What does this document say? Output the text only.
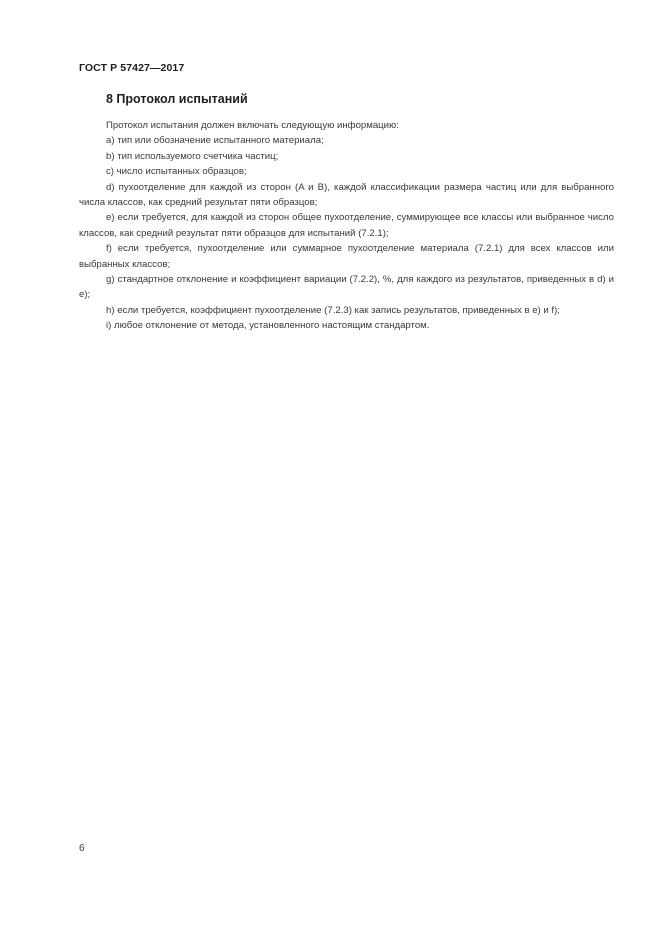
ГОСТ Р 57427—2017
8 Протокол испытаний

Протокол испытания должен включать следующую информацию:

a) тип или обозначение испытанного материала;

b) тип используемого счетчика частиц;

c) число испытанных образцов;

d) пухоотделение для каждой из сторон (A и B), каждой классификации размера частиц или для выбранного числа классов, как средний результат пяти образцов;

e) если требуется, для каждой из сторон общее пухоотделение, суммирующее все классы или выбранное число классов, как средний результат пяти образцов для испытаний (7.2.1);

f) если требуется, пухоотделение или суммарное пухоотделение материала (7.2.1) для всех классов или выбранных классов;

g) стандартное отклонение и коэффициент вариации (7.2.2), %, для каждого из результатов, приведенных в d) и e);

h) если требуется, коэффициент пухоотделение (7.2.3) как запись результатов, приведенных в e) и f);

i) любое отклонение от метода, установленного настоящим стандартом.

6
